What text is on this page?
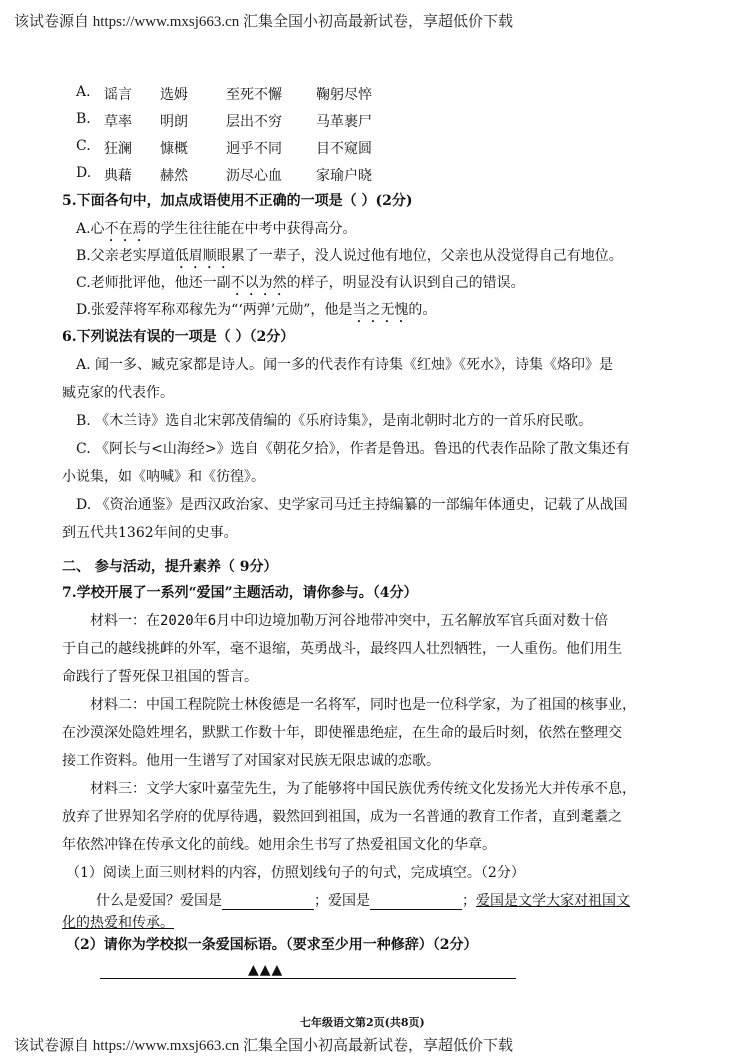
该试卷源自 https://www.mxsj663.cn 汇集全国小初高最新试卷，享超低价下载
A. 谣言 选姆	至死不懈 鞠躬尽悴
B. 草率 明朗	层出不穷 马革裹尸
C. 狂澜 慷概	迥乎不同 目不窥圆
D. 典藉 赫然	沥尽心血 家瑜户晓
5.下面各句中，加点成语使用不正确的一项是（ ）(2分)
A.心不在焉的学生往往能在中考中获得高分。
B.父亲老实厚道低眉顺眼累了一辈子，没人说过他有地位，父亲也从没觉得自己有地位。
C.老师批评他，他还一副不以为然的样子，明显没有认识到自己的错误。
D.张爱萍将军称邓稼先为“‘两弹’元勋”，他是当之无愧的。
6.下列说法有误的一项是（ ）（2分）
A. 闻一多、臧克家都是诗人。闻一多的代表作有诗集《红烛》《死水》，诗集《烙印》是
臧克家的代表作。
B. 《木兰诗》选自北宋郭茂倩编的《乐府诗集》，是南北朝时北方的一首乐府民歌。
C. 《阿长与<山海经>》选自《朝花夕拾》，作者是鲁迅。鲁迅的代表作品除了散文集还有
小说集，如《呐喊》和《彷徨》。
D. 《资治通鉴》是西汉政治家、史学家司马迁主持编纂的一部编年体通史，记载了从战国
到五代共1362年间的史事。
二、 参与活动，提升素养（ 9分）
7.学校开展了一系列“爱国”主题活动，请你参与。（4分）
材料一：在2020年6月中印边境加勒万河谷地带冲突中，五名解放军官兵面对数十倍
于自己的越线挑衅的外军，毫不退缩，英勇战斗，最终四人壮烈牺牲，一人重伤。他们用生
命践行了誓死保卫祖国的誓言。
材料二：中国工程院院士林俊德是一名将军，同时也是一位科学家，为了祖国的核事业，
在沙漠深处隐姓埋名，默默工作数十年，即使罹患绝症，在生命的最后时刻，依然在整理交
接工作资料。他用一生谱写了对国家对民族无限忠诚的恋歌。
材料三：文学大家叶嘉莹先生，为了能够将中国民族优秀传统文化发扬光大并传承不息，
放弃了世界知名学府的优厚待遇，毅然回到祖国，成为一名普通的教育工作者，直到耄耋之
年依然冲锋在传承文化的前线。她用余生书写了热爱祖国文化的华章。
（1）阅读上面三则材料的内容，仿照划线句子的句式，完成填空。（2分）
什么是爱国？爱国是	；爱国是	；爱国是文学大家对祖国文
化的热爱和传承。
（2）请你为学校拟一条爱国标语。（要求至少用一种修辞）（2分）
▲▲▲
七年级语文第2页(共8页)
该试卷源自 https://www.mxsj663.cn 汇集全国小初高最新试卷，享超低价下载
